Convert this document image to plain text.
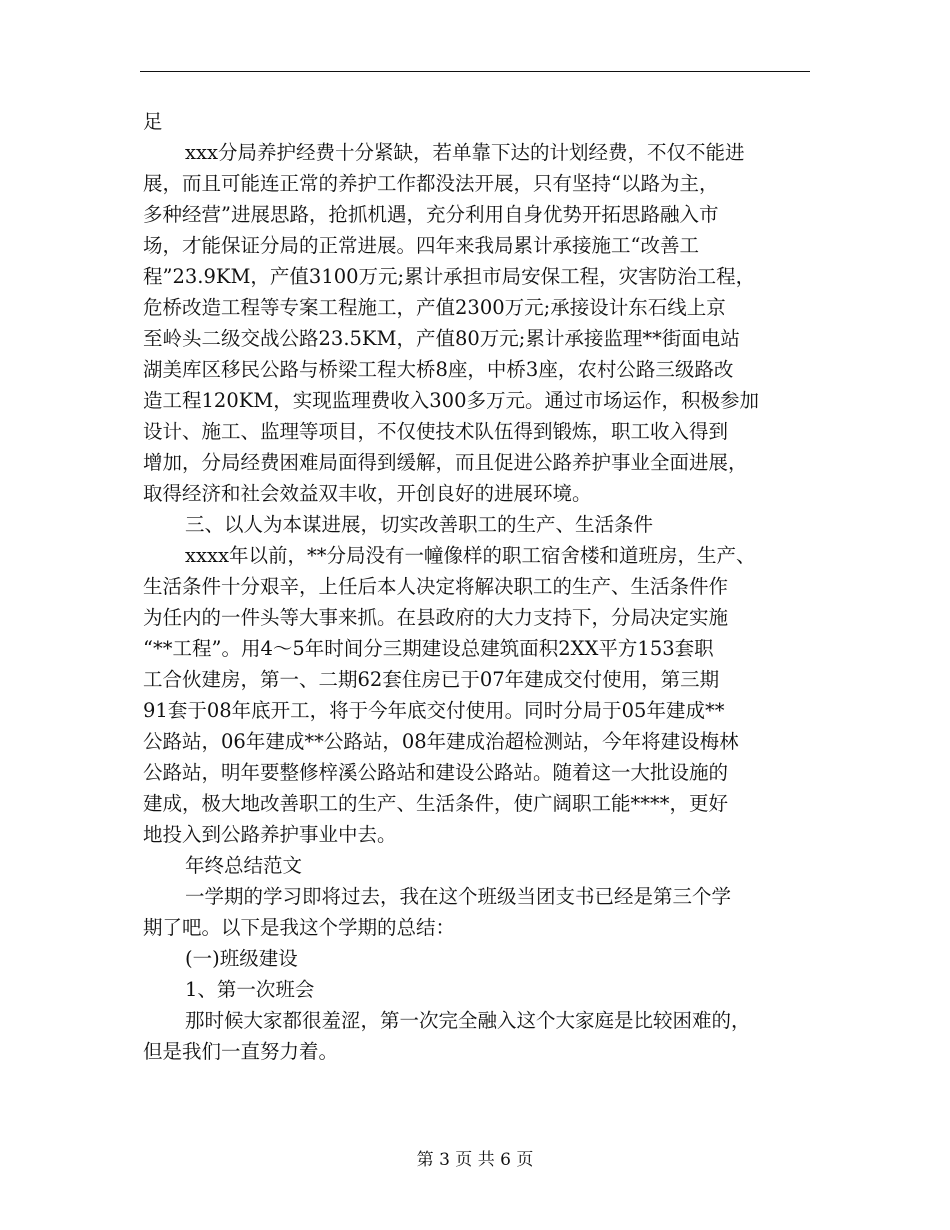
足
xxx分局养护经费十分紧缺，若单靠下达的计划经费，不仅不能进
展，而且可能连正常的养护工作都没法开展，只有坚持“以路为主，
多种经营”进展思路，抢抓机遇，充分利用自身优势开拓思路融入市
场，才能保证分局的正常进展。四年来我局累计承接施工“改善工
程”23.9KM，产值3100万元;累计承担市局安保工程，灾害防治工程，
危桥改造工程等专案工程施工，产值2300万元;承接设计东石线上京
至岭头二级交战公路23.5KM，产值80万元;累计承接监理**街面电站
湖美库区移民公路与桥梁工程大桥8座，中桥3座，农村公路三级路改
造工程120KM，实现监理费收入300多万元。通过市场运作，积极参加
设计、施工、监理等项目，不仅使技术队伍得到锻炼，职工收入得到
增加，分局经费困难局面得到缓解，而且促进公路养护事业全面进展，
取得经济和社会效益双丰收，开创良好的进展环境。
三、以人为本谋进展，切实改善职工的生产、生活条件
xxxx年以前，**分局没有一幢像样的职工宿舍楼和道班房，生产、
生活条件十分艰辛，上任后本人决定将解决职工的生产、生活条件作
为任内的一件头等大事来抓。在县政府的大力支持下，分局决定实施
“**工程”。用4～5年时间分三期建设总建筑面积2XX平方153套职
工合伙建房，第一、二期62套住房已于07年建成交付使用，第三期
91套于08年底开工，将于今年底交付使用。同时分局于05年建成**
公路站，06年建成**公路站，08年建成治超检测站，今年将建设梅林
公路站，明年要整修梓溪公路站和建设公路站。随着这一大批设施的
建成，极大地改善职工的生产、生活条件，使广阔职工能****，更好
地投入到公路养护事业中去。
年终总结范文
一学期的学习即将过去，我在这个班级当团支书已经是第三个学
期了吧。以下是我这个学期的总结：
(一)班级建设
1、第一次班会
那时候大家都很羞涩，第一次完全融入这个大家庭是比较困难的，
但是我们一直努力着。
第 3 页 共 6 页
